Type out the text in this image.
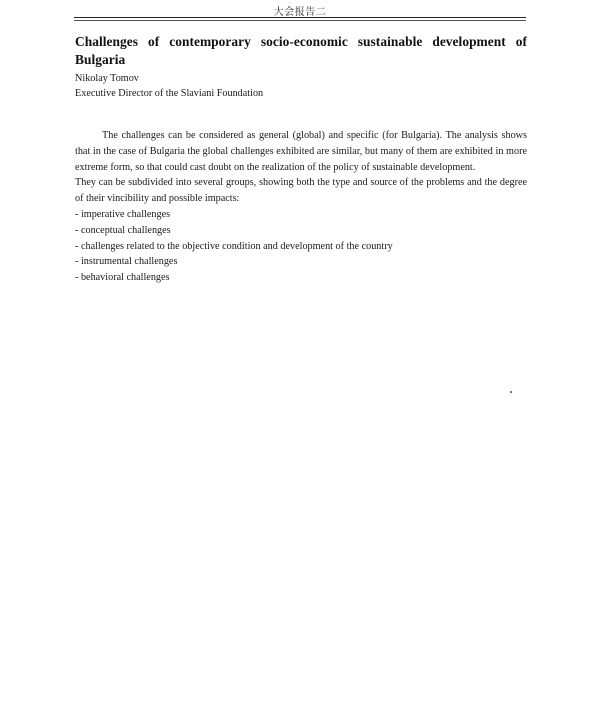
大会报告二
Challenges of contemporary socio-economic sustainable development of Bulgaria
Nikolay Tomov
Executive Director of the Slaviani Foundation

The challenges can be considered as general (global) and specific (for Bulgaria). The analysis shows that in the case of Bulgaria the global challenges exhibited are similar, but many of them are exhibited in more extreme form, so that could cast doubt on the realization of the policy of sustainable development.

They can be subdivided into several groups, showing both the type and source of the problems and the degree of their vincibility and possible impacts:

- imperative challenges
- conceptual challenges
- challenges related to the objective condition and development of the country
- instrumental challenges
- behavioral challenges
